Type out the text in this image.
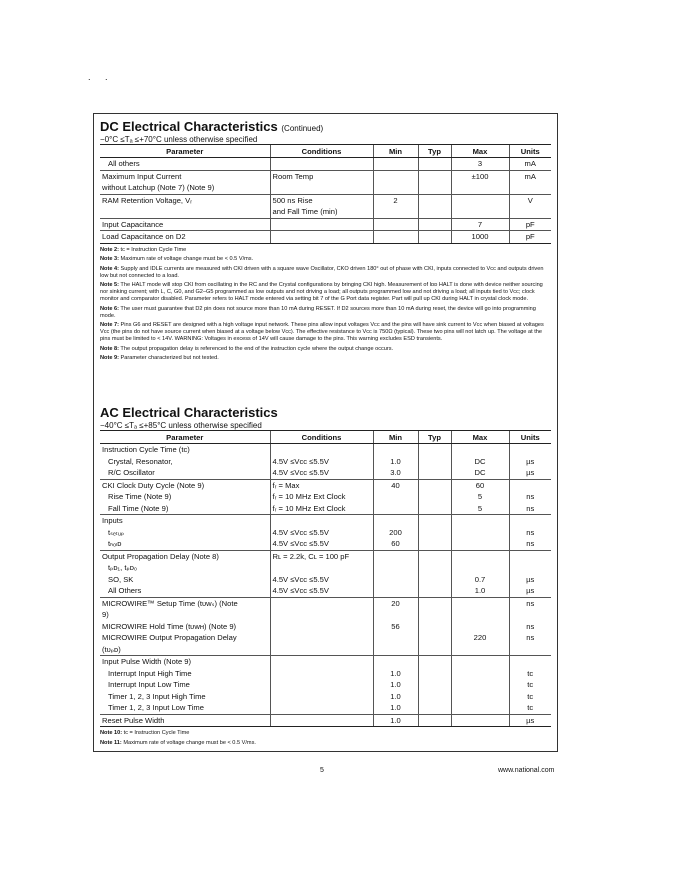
. .
DC Electrical Characteristics (Continued)
−0°C ≤Tₐ ≤+70°C unless otherwise specified
Parameter	Conditions	Min	Typ	Max	Units
All others				3	mA
Maximum Input Current	Room Temp			±100	mA
without Latchup (Note 7) (Note 9)					
RAM Retention Voltage, Vᵣ	500 ns Rise	2			V
	and Fall Time (min)				
Input Capacitance				7	pF
Load Capacitance on D2				1000	pF

Note 2: tᴄ = Instruction Cycle Time

Note 3: Maximum rate of voltage change must be < 0.5 V/ms.

Note 4: Supply and IDLE currents are measured with CKI driven with a square wave Oscillator, CKO driven 180° out of phase with CKI, inputs connected to Vᴄᴄ and outputs driven low but not connected to a load.

Note 5: The HALT mode will stop CKI from oscillating in the RC and the Crystal configurations by bringing CKI high. Measurement of Iᴅᴅ HALT is done with device neither sourcing nor sinking current; with L, C, G0, and G2–G5 programmed as low outputs and not driving a load; all outputs programmed low and not driving a load; all inputs tied to Vᴄᴄ; clock monitor and comparator disabled. Parameter refers to HALT mode entered via setting bit 7 of the G Port data register. Part will pull up CKI during HALT in crystal clock mode.

Note 6: The user must guarantee that D2 pin does not source more than 10 mA during RESET. If D2 sources more than 10 mA during reset, the device will go into programming mode.

Note 7: Pins G6 and RESET are designed with a high voltage input network. These pins allow input voltages Vᴄᴄ and the pins will have sink current to Vᴄᴄ when biased at voltages Vᴄᴄ (the pins do not have source current when biased at a voltage below Vᴄᴄ). The effective resistance to Vᴄᴄ is 750Ω (typical). These two pins will not latch up. The voltage at the pins must be limited to < 14V. WARNING: Voltages in excess of 14V will cause damage to the pins. This warning excludes ESD transients.

Note 8: The output propagation delay is referenced to the end of the instruction cycle where the output change occurs.

Note 9: Parameter characterized but not tested.

AC Electrical Characteristics
−40°C ≤Tₐ ≤+85°C unless otherwise specified
Parameter	Conditions	Min	Typ	Max	Units
Instruction Cycle Time (tᴄ)					
Crystal, Resonator,	4.5V ≤Vᴄᴄ ≤5.5V	1.0		DC	µs
R/C Oscillator	4.5V ≤Vᴄᴄ ≤5.5V	3.0		DC	µs
CKI Clock Duty Cycle (Note 9)	fᵣ = Max	40		60	
Rise Time (Note 9)	fᵣ = 10 MHz Ext Clock			5	ns
Fall Time (Note 9)	fᵣ = 10 MHz Ext Clock			5	ns
Inputs					
tₛₑₜᵤₚ	4.5V ≤Vᴄᴄ ≤5.5V	200			ns
tₕₒₗᴅ	4.5V ≤Vᴄᴄ ≤5.5V	60			ns
Output Propagation Delay (Note 8)	Rʟ = 2.2k, Cʟ = 100 pF				
tₚᴅ₁, tₚᴅ₀					
SO, SK	4.5V ≤Vᴄᴄ ≤5.5V			0.7	µs
All Others	4.5V ≤Vᴄᴄ ≤5.5V			1.0	µs
MICROWIRE™ Setup Time (tᴜᴡₛ) (Note		20			ns
9)					
MICROWIRE Hold Time (tᴜᴡʜ) (Note 9)		56			ns
MICROWIRE Output Propagation Delay				220	ns
(tᴜₚᴅ)					
Input Pulse Width (Note 9)					
Interrupt Input High Time		1.0			tᴄ
Interrupt Input Low Time		1.0			tᴄ
Timer 1, 2, 3 Input High Time		1.0			tᴄ
Timer 1, 2, 3 Input Low Time		1.0			tᴄ
Reset Pulse Width		1.0			µs

Note 10: tᴄ = Instruction Cycle Time

Note 11: Maximum rate of voltage change must be < 0.5 V/ms.

5	www.national.com
